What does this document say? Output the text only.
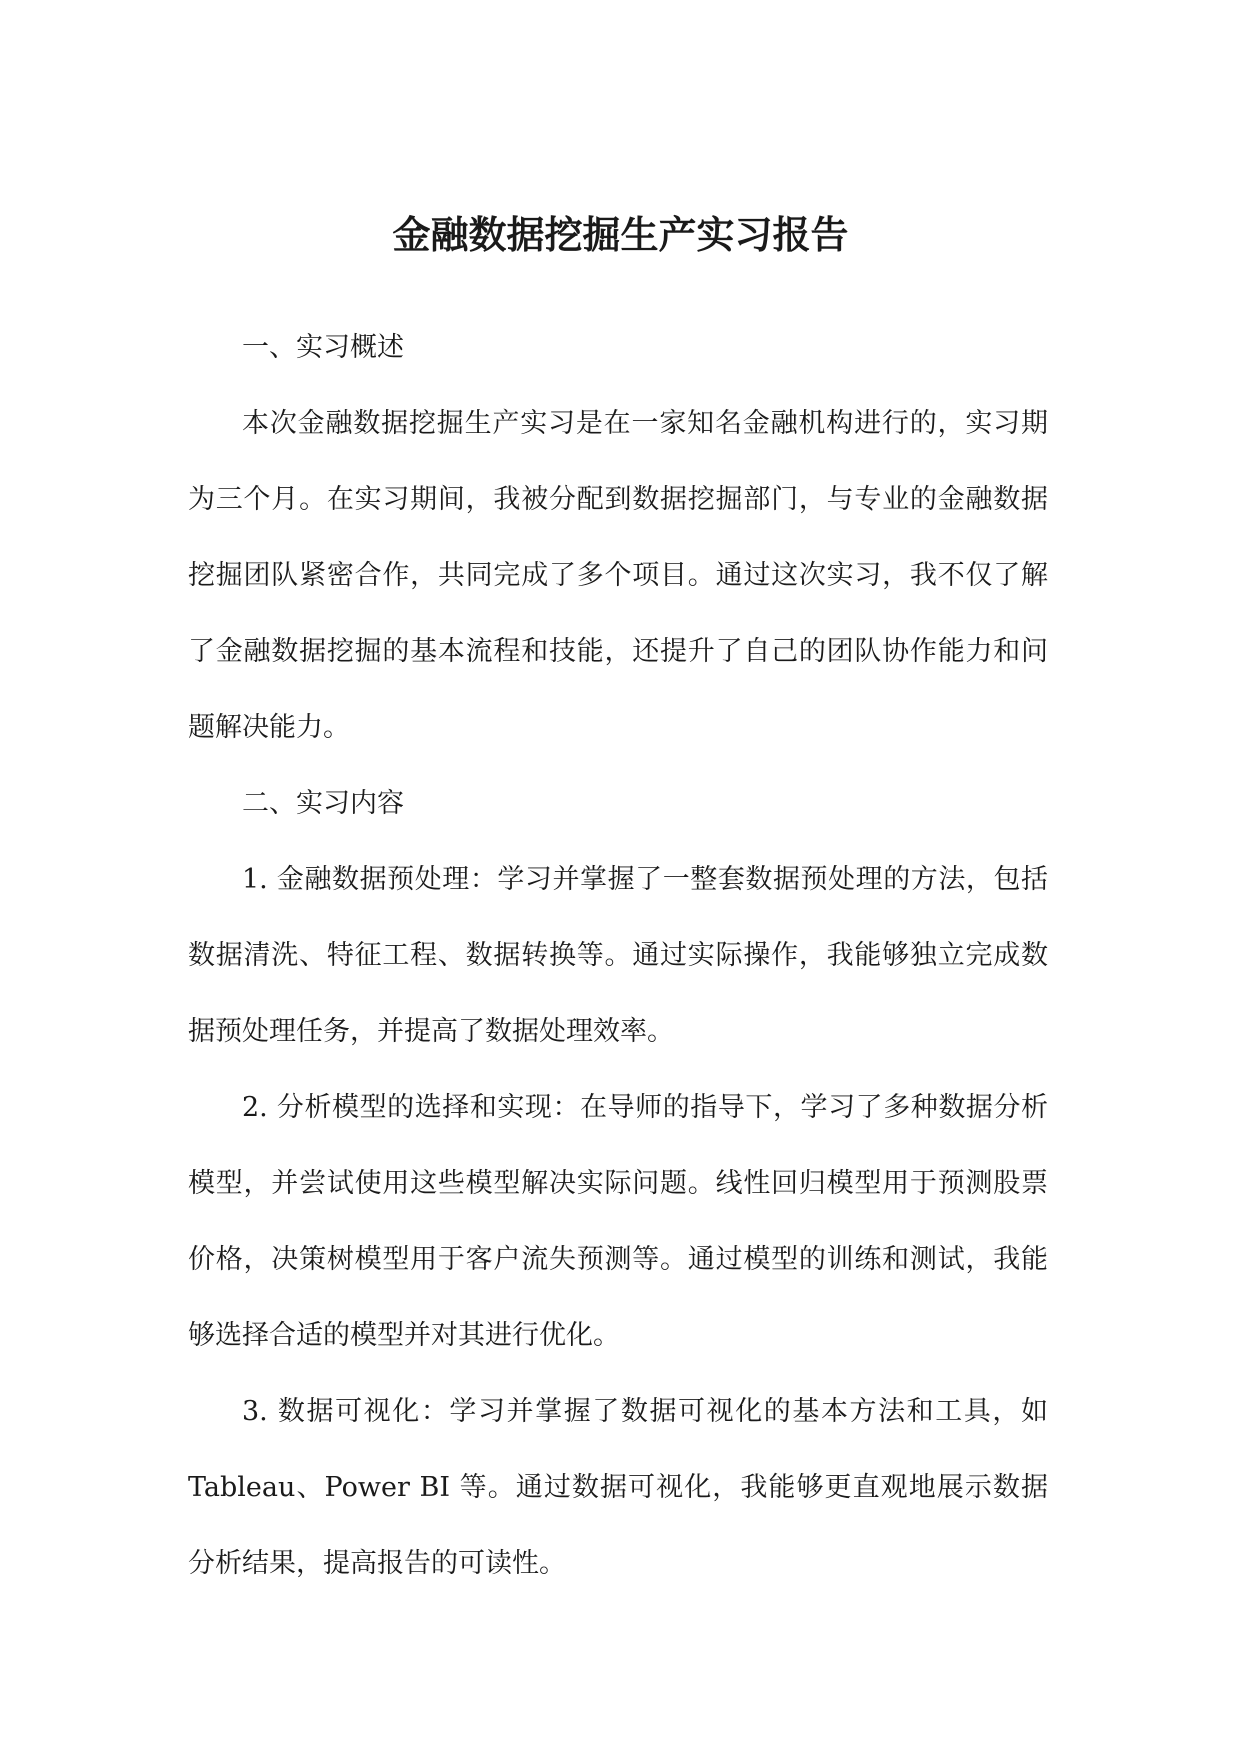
金融数据挖掘生产实习报告

一、实习概述

本次金融数据挖掘生产实习是在一家知名金融机构进行的，实习期为三个月。在实习期间，我被分配到数据挖掘部门，与专业的金融数据挖掘团队紧密合作，共同完成了多个项目。通过这次实习，我不仅了解了金融数据挖掘的基本流程和技能，还提升了自己的团队协作能力和问题解决能力。

二、实习内容

1. 金融数据预处理：学习并掌握了一整套数据预处理的方法，包括数据清洗、特征工程、数据转换等。通过实际操作，我能够独立完成数据预处理任务，并提高了数据处理效率。

2. 分析模型的选择和实现：在导师的指导下，学习了多种数据分析模型，并尝试使用这些模型解决实际问题。线性回归模型用于预测股票价格，决策树模型用于客户流失预测等。通过模型的训练和测试，我能够选择合适的模型并对其进行优化。

3. 数据可视化：学习并掌握了数据可视化的基本方法和工具，如 Tableau、Power BI 等。通过数据可视化，我能够更直观地展示数据分析结果，提高报告的可读性。
